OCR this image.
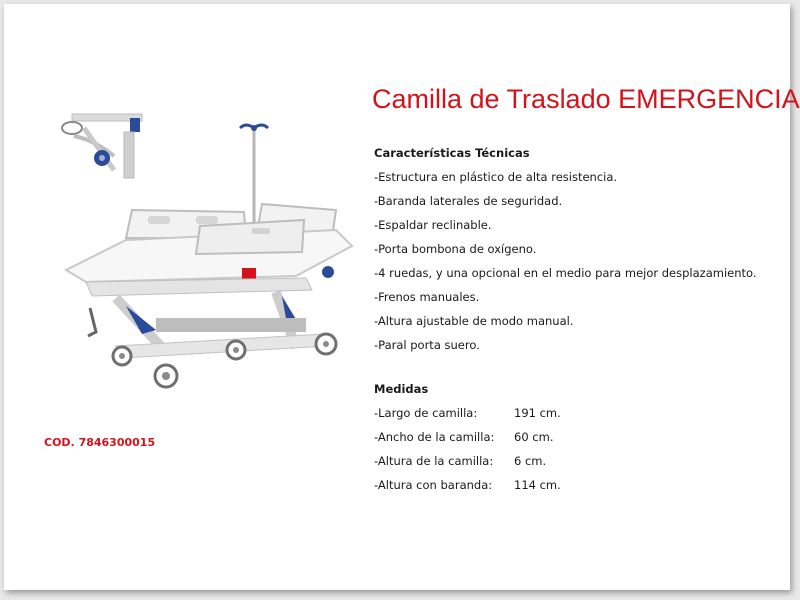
Camilla de Traslado EMERGENCIA
COD. 7846300015
Características Técnicas
-Estructura en plástico de alta resistencia.
-Baranda laterales de seguridad.
-Espaldar reclinable.
-Porta bombona de oxígeno.
-4 ruedas, y una opcional en el medio para mejor desplazamiento.
-Frenos manuales.
-Altura ajustable de modo manual.
-Paral porta suero.
Medidas
-Largo de camilla:	191 cm.
-Ancho de la camilla:	60 cm.
-Altura de la camilla:	6 cm.
-Altura con baranda:	114 cm.
